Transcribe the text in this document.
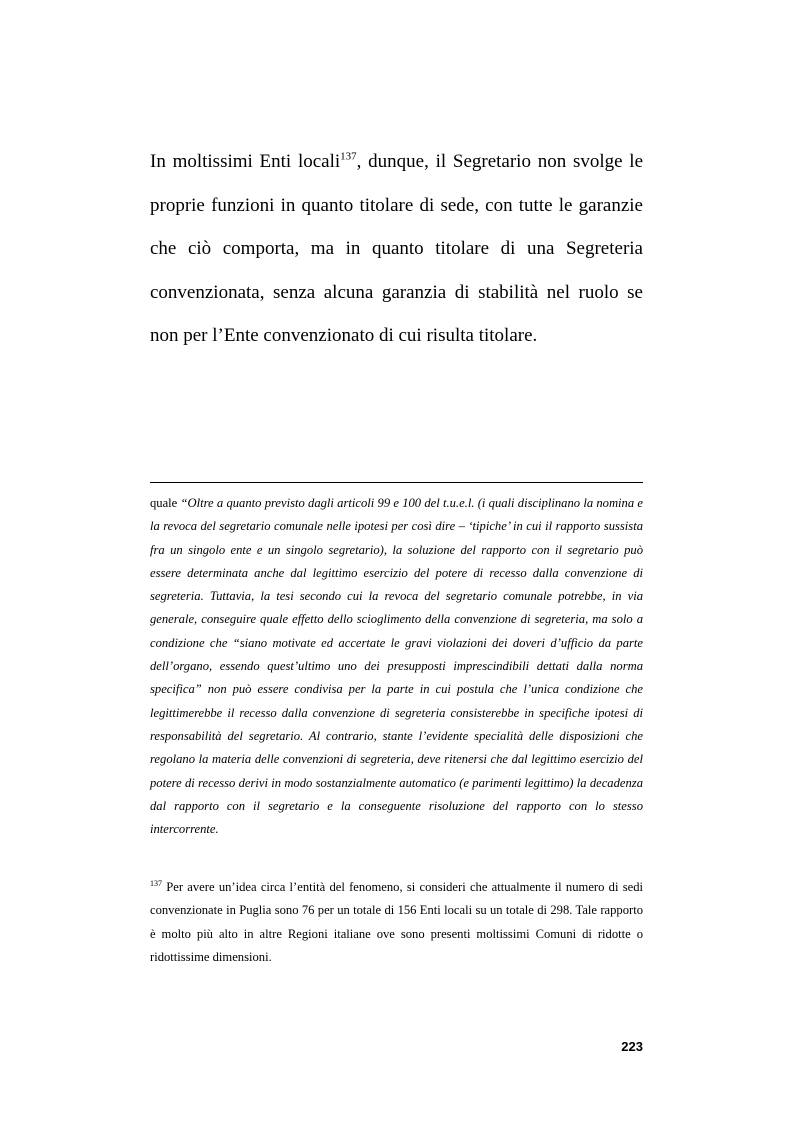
In moltissimi Enti locali$^{137}$, dunque, il Segretario non svolge le proprie funzioni in quanto titolare di sede, con tutte le garanzie che ciò comporta, ma in quanto titolare di una Segreteria convenzionata, senza alcuna garanzia di stabilità nel ruolo se non per l’Ente convenzionato di cui risulta titolare.

quale “Oltre a quanto previsto dagli articoli 99 e 100 del t.u.e.l. (i quali disciplinano la nomina e la revoca del segretario comunale nelle ipotesi per così dire – ‘tipiche’ in cui il rapporto sussista fra un singolo ente e un singolo segretario), la soluzione del rapporto con il segretario può essere determinata anche dal legittimo esercizio del potere di recesso dalla convenzione di segreteria. Tuttavia, la tesi secondo cui la revoca del segretario comunale potrebbe, in via generale, conseguire quale effetto dello scioglimento della convenzione di segreteria, ma solo a condizione che “siano motivate ed accertate le gravi violazioni dei doveri d’ufficio da parte dell’organo, essendo quest’ultimo uno dei presupposti imprescindibili dettati dalla norma specifica” non può essere condivisa per la parte in cui postula che l’unica condizione che legittimerebbe il recesso dalla convenzione di segreteria consisterebbe in specifiche ipotesi di responsabilità del segretario. Al contrario, stante l’evidente specialità delle disposizioni che regolano la materia delle convenzioni di segreteria, deve ritenersi che dal legittimo esercizio del potere di recesso derivi in modo sostanzialmente automatico (e parimenti legittimo) la decadenza dal rapporto con il segretario e la conseguente risoluzione del rapporto con lo stesso intercorrente.

$^{137}$ Per avere un’idea circa l’entità del fenomeno, si consideri che attualmente il numero di sedi convenzionate in Puglia sono 76 per un totale di 156 Enti locali su un totale di 298. Tale rapporto è molto più alto in altre Regioni italiane ove sono presenti moltissimi Comuni di ridotte o ridottissime dimensioni.

223
